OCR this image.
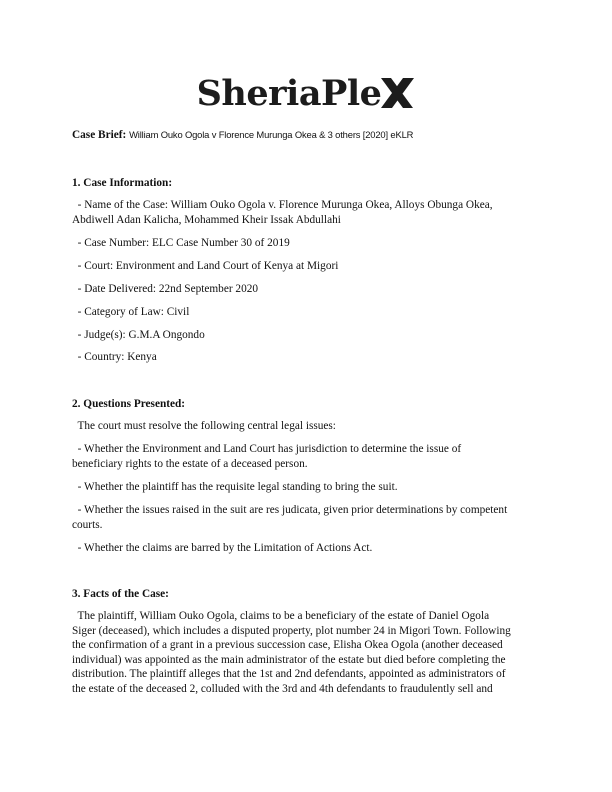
SheriaPle
Case Brief: William Ouko Ogola v Florence Murunga Okea & 3 others [2020] eKLR
1. Case Information:
- Name of the Case: William Ouko Ogola v. Florence Murunga Okea, Alloys Obunga Okea,
Abdiwell Adan Kalicha, Mohammed Kheir Issak Abdullahi
- Case Number: ELC Case Number 30 of 2019
- Court: Environment and Land Court of Kenya at Migori
- Date Delivered: 22nd September 2020
- Category of Law: Civil
- Judge(s): G.M.A Ongondo
- Country: Kenya
2. Questions Presented:
The court must resolve the following central legal issues:
- Whether the Environment and Land Court has jurisdiction to determine the issue of
beneficiary rights to the estate of a deceased person.
- Whether the plaintiff has the requisite legal standing to bring the suit.
- Whether the issues raised in the suit are res judicata, given prior determinations by competent
courts.
- Whether the claims are barred by the Limitation of Actions Act.
3. Facts of the Case:
The plaintiff, William Ouko Ogola, claims to be a beneficiary of the estate of Daniel Ogola
Siger (deceased), which includes a disputed property, plot number 24 in Migori Town. Following
the confirmation of a grant in a previous succession case, Elisha Okea Ogola (another deceased
individual) was appointed as the main administrator of the estate but died before completing the
distribution. The plaintiff alleges that the 1st and 2nd defendants, appointed as administrators of
the estate of the deceased 2, colluded with the 3rd and 4th defendants to fraudulently sell and
